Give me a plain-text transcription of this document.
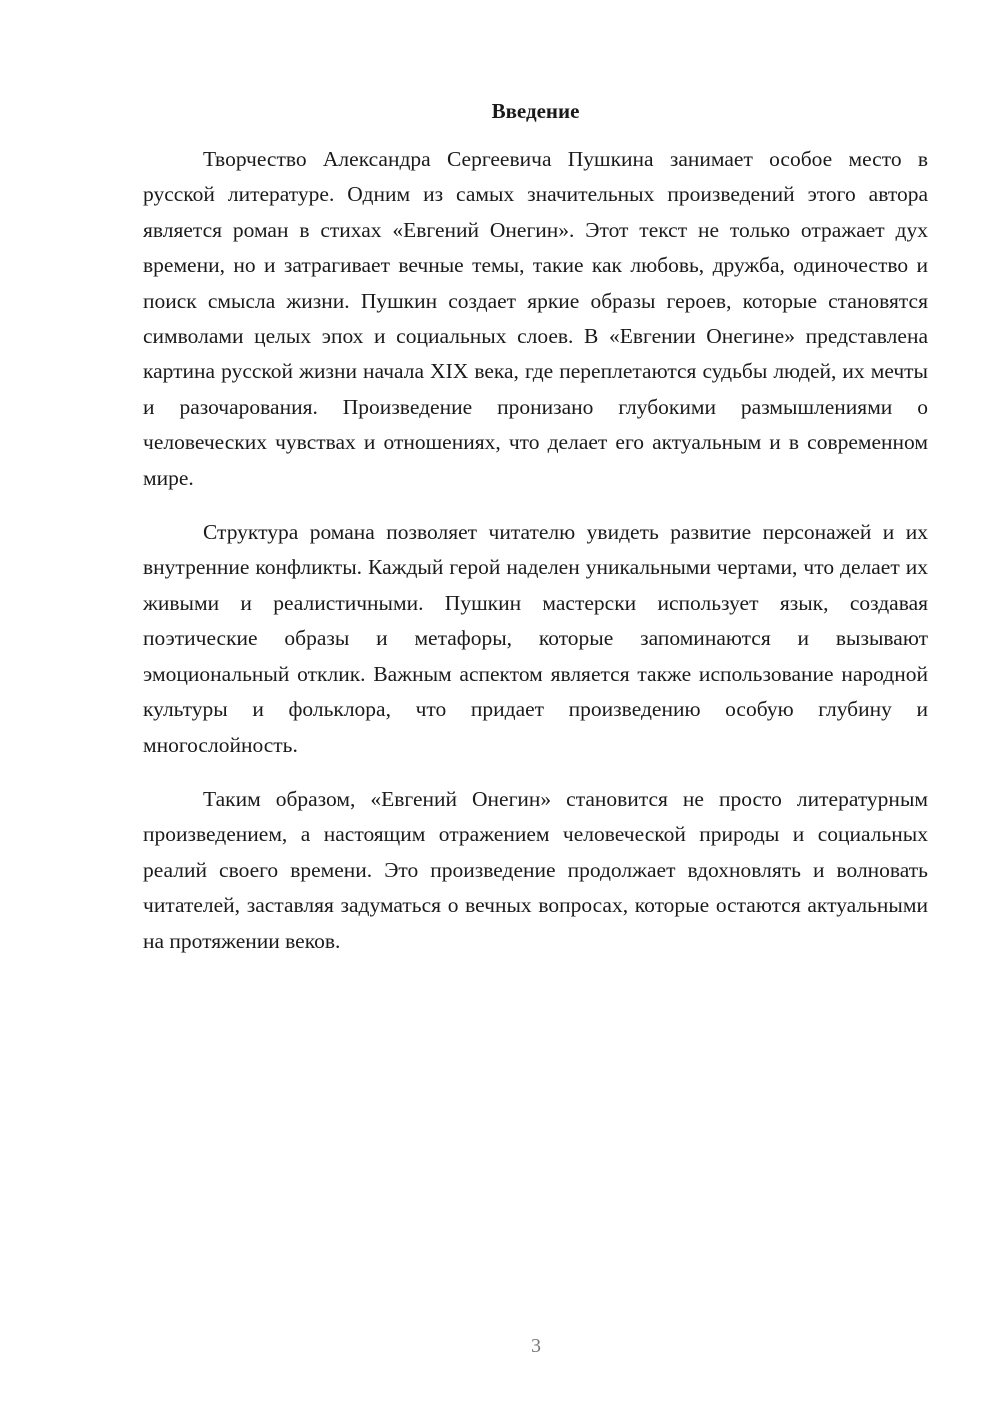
Введение

Творчество Александра Сергеевича Пушкина занимает особое место в русской литературе. Одним из самых значительных произведений этого автора является роман в стихах «Евгений Онегин». Этот текст не только отражает дух времени, но и затрагивает вечные темы, такие как любовь, дружба, одиночество и поиск смысла жизни. Пушкин создает яркие образы героев, которые становятся символами целых эпох и социальных слоев. В «Евгении Онегине» представлена картина русской жизни начала XIX века, где переплетаются судьбы людей, их мечты и разочарования. Произведение пронизано глубокими размышлениями о человеческих чувствах и отношениях, что делает его актуальным и в современном мире.

Структура романа позволяет читателю увидеть развитие персонажей и их внутренние конфликты. Каждый герой наделен уникальными чертами, что делает их живыми и реалистичными. Пушкин мастерски использует язык, создавая поэтические образы и метафоры, которые запоминаются и вызывают эмоциональный отклик. Важным аспектом является также использование народной культуры и фольклора, что придает произведению особую глубину и многослойность.

Таким образом, «Евгений Онегин» становится не просто литературным произведением, а настоящим отражением человеческой природы и социальных реалий своего времени. Это произведение продолжает вдохновлять и волновать читателей, заставляя задуматься о вечных вопросах, которые остаются актуальными на протяжении веков.

3
